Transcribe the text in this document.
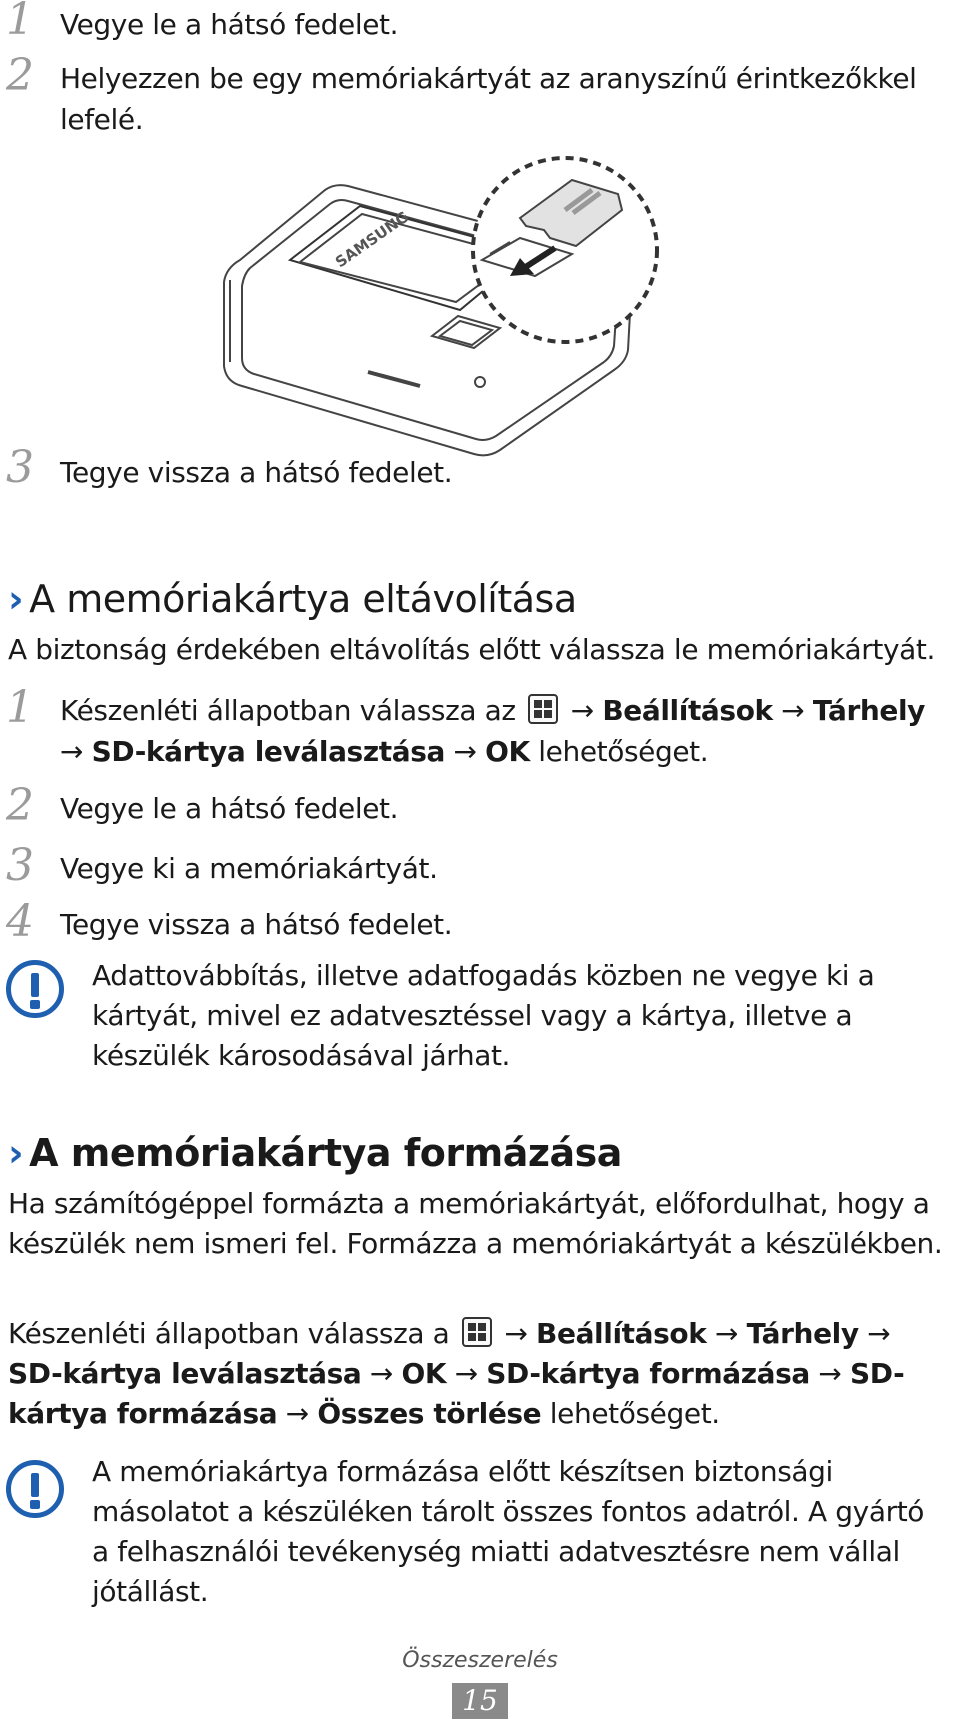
1 Vegye le a hátsó fedelet.
2 Helyezzen be egy memóriakártyát az aranyszínű érintkezőkkel lefelé.
SAMSUNG
3 Tegye vissza a hátsó fedelet.
› A memóriakártya eltávolítása
A biztonság érdekében eltávolítás előtt válassza le memóriakártyát.
1 Készenléti állapotban válassza az → Beállítások → Tárhely
→ SD-kártya leválasztása → OK lehetőséget.
2 Vegye le a hátsó fedelet.
3 Vegye ki a memóriakártyát.
4 Tegye vissza a hátsó fedelet.
Adattovábbítás, illetve adatfogadás közben ne vegye ki a kártyát, mivel ez adatvesztéssel vagy a kártya, illetve a készülék károsodásával járhat.
› A memóriakártya formázása
Ha számítógéppel formázta a memóriakártyát, előfordulhat, hogy a készülék nem ismeri fel. Formázza a memóriakártyát a készülékben.
Készenléti állapotban válassza a → Beállítások → Tárhely → SD-kártya leválasztása → OK → SD-kártya formázása → SD-kártya formázása → Összes törlése lehetőséget.
A memóriakártya formázása előtt készítsen biztonsági másolatot a készüléken tárolt összes fontos adatról. A gyártó a felhasználói tevékenység miatti adatvesztésre nem vállal jótállást.
Összeszerelés
15
